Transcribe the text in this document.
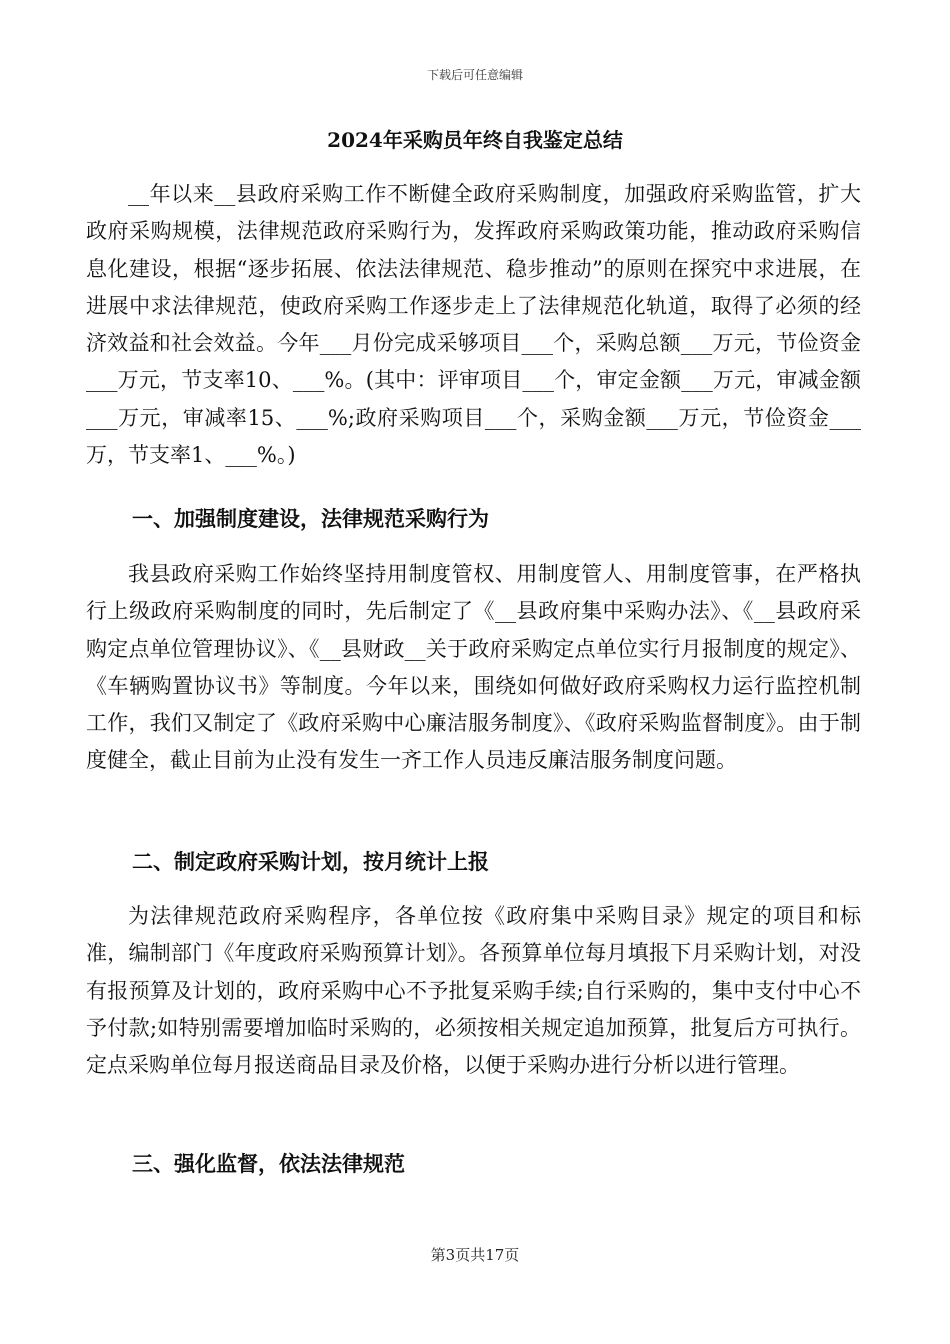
下载后可任意编辑
2024年采购员年终自我鉴定总结

__年以来__县政府采购工作不断健全政府采购制度，加强政府采购监管，扩大政府采购规模，法律规范政府采购行为，发挥政府采购政策功能，推动政府采购信息化建设，根据“逐步拓展、依法法律规范、稳步推动”的原则在探究中求进展，在进展中求法律规范，使政府采购工作逐步走上了法律规范化轨道，取得了必须的经济效益和社会效益。今年___月份完成采够项目___个，采购总额___万元，节俭资金___万元，节支率10、___%。(其中：评审项目___个，审定金额___万元，审减金额___万元，审减率15、___%;政府采购项目___个，采购金额___万元，节俭资金___万，节支率1、___%。)

一、加强制度建设，法律规范采购行为

我县政府采购工作始终坚持用制度管权、用制度管人、用制度管事，在严格执行上级政府采购制度的同时，先后制定了《__县政府集中采购办法》、《__县政府采购定点单位管理协议》、《__县财政__关于政府采购定点单位实行月报制度的规定》、《车辆购置协议书》等制度。今年以来，围绕如何做好政府采购权力运行监控机制工作，我们又制定了《政府采购中心廉洁服务制度》、《政府采购监督制度》。由于制度健全，截止目前为止没有发生一齐工作人员违反廉洁服务制度问题。

二、制定政府采购计划，按月统计上报

为法律规范政府采购程序，各单位按《政府集中采购目录》规定的项目和标准，编制部门《年度政府采购预算计划》。各预算单位每月填报下月采购计划，对没有报预算及计划的，政府采购中心不予批复采购手续;自行采购的，集中支付中心不予付款;如特别需要增加临时采购的，必须按相关规定追加预算，批复后方可执行。定点采购单位每月报送商品目录及价格，以便于采购办进行分析以进行管理。

三、强化监督，依法法律规范

第3页共17页
